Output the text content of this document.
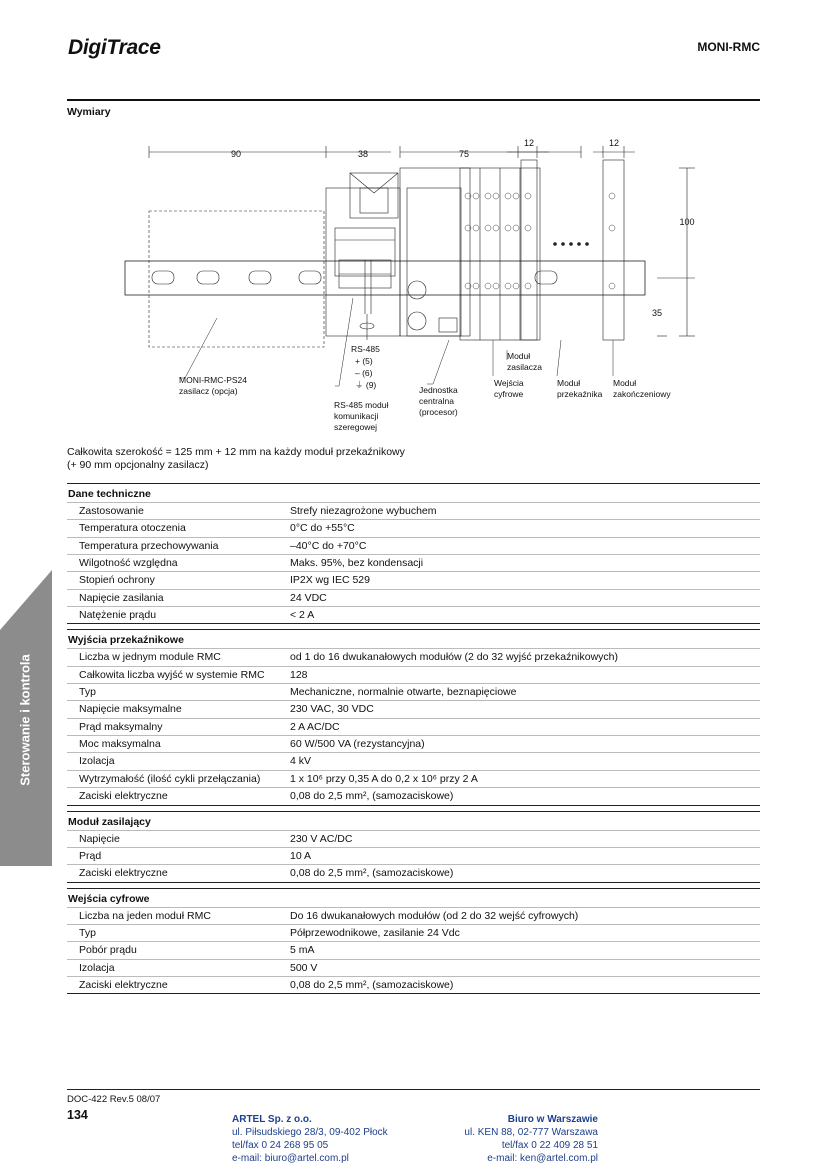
DigiTrace	MONI-RMC
Wymiary
90	38	75
12	12
100
35
RS-485
+ (5)
– (6)
⏚ (9)
MONI-RMC-PS24
zasilacz (opcja)
RS-485 moduł
komunikacji
szeregowej
Jednostka
centralna
(procesor)
Moduł
zasilacza
Wejścia
cyfrowe
Moduł
przekaźnika
Moduł
zakończeniowy
Całkowita szerokość = 125 mm + 12 mm na każdy moduł przekaźnikowy
(+ 90 mm opcjonalny zasilacz)
Dane techniczne
Zastosowanie	Strefy niezagrożone wybuchem
Temperatura otoczenia	0°C do +55°C
Temperatura przechowywania	–40°C do +70°C
Wilgotność względna	Maks. 95%, bez kondensacji
Stopień ochrony	IP2X wg IEC 529
Napięcie zasilania	24 VDC
Natężenie prądu	< 2 A
Wyjścia przekaźnikowe
Liczba w jednym module RMC	od 1 do 16 dwukanałowych modułów (2 do 32 wyjść przekaźnikowych)
Całkowita liczba wyjść w systemie RMC	128
Typ	Mechaniczne, normalnie otwarte, beznapięciowe
Napięcie maksymalne	230 VAC, 30 VDC
Prąd maksymalny	2 A AC/DC
Moc maksymalna	60 W/500 VA (rezystancyjna)
Izolacja	4 kV
Wytrzymałość (ilość cykli przełączania)	1 x 10⁶ przy 0,35 A do 0,2 x 10⁶ przy 2 A
Zaciski elektryczne	0,08 do 2,5 mm², (samozaciskowe)
Moduł zasilający
Napięcie	230 V AC/DC
Prąd	10 A
Zaciski elektryczne	0,08 do 2,5 mm², (samozaciskowe)
Wejścia cyfrowe
Liczba na jeden moduł RMC	Do 16 dwukanałowych modułów (od 2 do 32 wejść cyfrowych)
Typ	Półprzewodnikowe, zasilanie 24 Vdc
Pobór prądu	5 mA
Izolacja	500 V
Zaciski elektryczne	0,08 do 2,5 mm², (samozaciskowe)
Sterowanie i kontrola
DOC-422 Rev.5 08/07
134	ARTEL Sp. z o.o.
ul. Piłsudskiego 28/3, 09-402 Płock
tel/fax 0 24 268 95 05
e-mail: biuro@artel.com.pl
Biuro w Warszawie
ul. KEN 88, 02-777 Warszawa
tel/fax 0 22 409 28 51
e-mail: ken@artel.com.pl
